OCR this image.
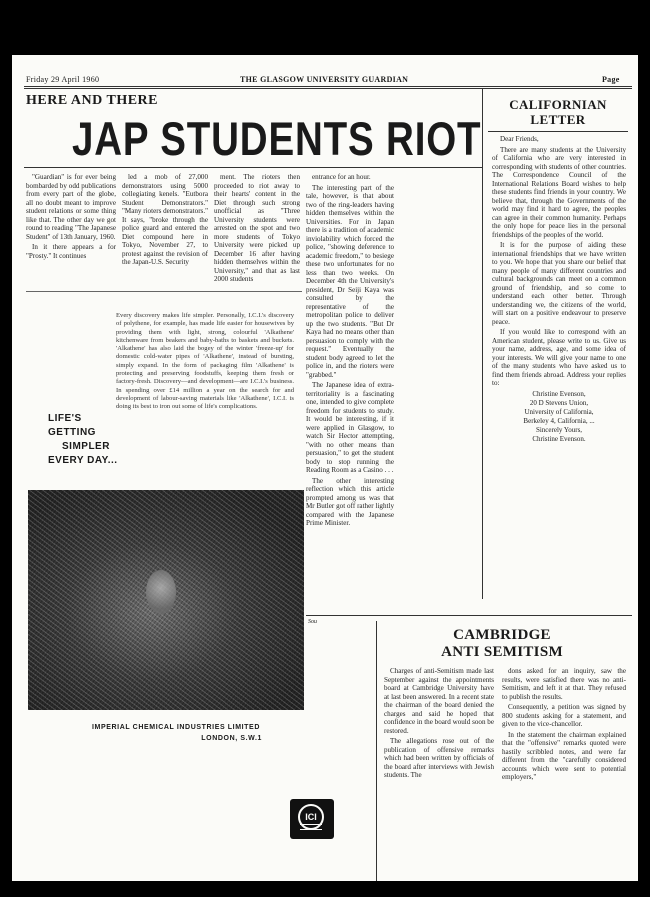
Friday 29 April 1960	THE GLASGOW UNIVERSITY GUARDIAN	Page
HERE AND THERE
JAP STUDENTS RIOT

"Guardian" is for ever being bombarded by odd publications from every part of the globe, all no doubt meant to improve student relations or some thing like that. The other day we got round to reading "The Japanese Student" of 13th January, 1960.

In it there appears a for "Prosty." It continues

led a mob of 27,000 demonstrators using 5000 collegiating kenels. "Eutbora Student Demonstrators." "Many rioters demonstrators." It says, "broke through the police guard and entered the Diet compound here in Tokyo, November 27, to protest against the revision of the Japan-U.S. Security

ment. The rioters then proceeded to riot away to their hearts' content in the Diet through such strong unofficial as "Three University students were arrested on the spot and two more students of Tokyo University were picked up December 16 after having hidden themselves within the University," and that as last 2000 students

entrance for an hour.

The interesting part of the tale, however, is that about two of the ring-leaders having hidden themselves within the Universities. For in Japan there is a tradition of academic inviolability which forced the police, "showing deference to academic freedom," to besiege these two unfortunates for no less than two weeks. On December 4th the University's president, Dr Seiji Kaya was consulted by the representative of the metropolitan police to deliver up the two students. "But Dr Kaya had no means other than persuasion to comply with the request." Eventually the student body agreed to let the police in, and the rioters were "grabbed."

The Japanese idea of extra-territoriality is a fascinating one, intended to give complete freedom for students to study. It would be interesting, if it were applied in Glasgow, to watch Sir Hector attempting, "with no other means than persuasion," to get the student body to stop running the Reading Room as a Casino . . .

The other interesting reflection which this article prompted among us was that Mr Butler got off rather lightly compared with the Japanese Prime Minister.

Every discovery makes life simpler. Personally, I.C.I.'s discovery of polythene, for example, has made life easier for housewives by providing them with light, strong, colourful 'Alkathene' kitchenware from beakers and baby-baths to baskets and buckets. 'Alkathene' has also laid the bogey of the winter 'freeze-up' for domestic cold-water pipes of 'Alkathene', instead of bursting, simply expand. In the form of packaging film 'Alkathene' is protecting and preserving foodstuffs, keeping them fresh or factory-fresh. Discovery—and development—are I.C.I.'s business. In spending over £14 million a year on the search for and development of labour-saving materials like 'Alkathene', I.C.I. is doing its best to iron out some of life's complications.
LIFE'S
GETTING
SIMPLER
EVERY DAY...
IMPERIAL CHEMICAL INDUSTRIES LIMITED
LONDON, S.W.1
ICI
CALIFORNIAN
LETTER
Dear Friends,

There are many students at the University of California who are very interested in corresponding with students of other countries. The Correspondence Council of the International Relations Board wishes to help these students find friends in your country. We believe that, through the Governments of the world may find it hard to agree, the peoples can agree in their common humanity. Perhaps the only hope for peace lies in the personal friendships of the peoples of the world.

It is for the purpose of aiding these international friendships that we have written to you. We hope that you share our belief that many people of many different countries and cultural backgrounds can meet on a common ground of friendship, and so come to understand each other better. Through understanding we, the citizens of the world, will start on a positive endeavour to preserve peace.

If you would like to correspond with an American student, please write to us. Give us your name, address, age, and some idea of your interests. We will give your name to one of the many students who have asked us to find them friends abroad. Address your replies to:

Christine Evenson,
20 D Stevens Union,
University of California,
Berkeley 4, California, ...
Sincerely Yours,
Christine Evenson.
Sou
CAMBRIDGE
ANTI SEMITISM

Charges of anti-Semitism made last September against the appointments board at Cambridge University have at last been answered. In a recent state the chairman of the board denied the charges and said he hoped that confidence in the board would soon be restored.

The allegations rose out of the publication of offensive remarks which had been written by officials of the board after interviews with Jewish students. The

dons asked for an inquiry, saw the results, were satisfied there was no anti-Semitism, and left it at that. They refused to publish the results.

Consequently, a petition was signed by 800 students asking for a statement, and given to the vice-chancellor.

In the statement the chairman explained that the "offensive" remarks quoted were hastily scribbled notes, and were far different from the "carefully considered accounts which were sent to potential employers,"
